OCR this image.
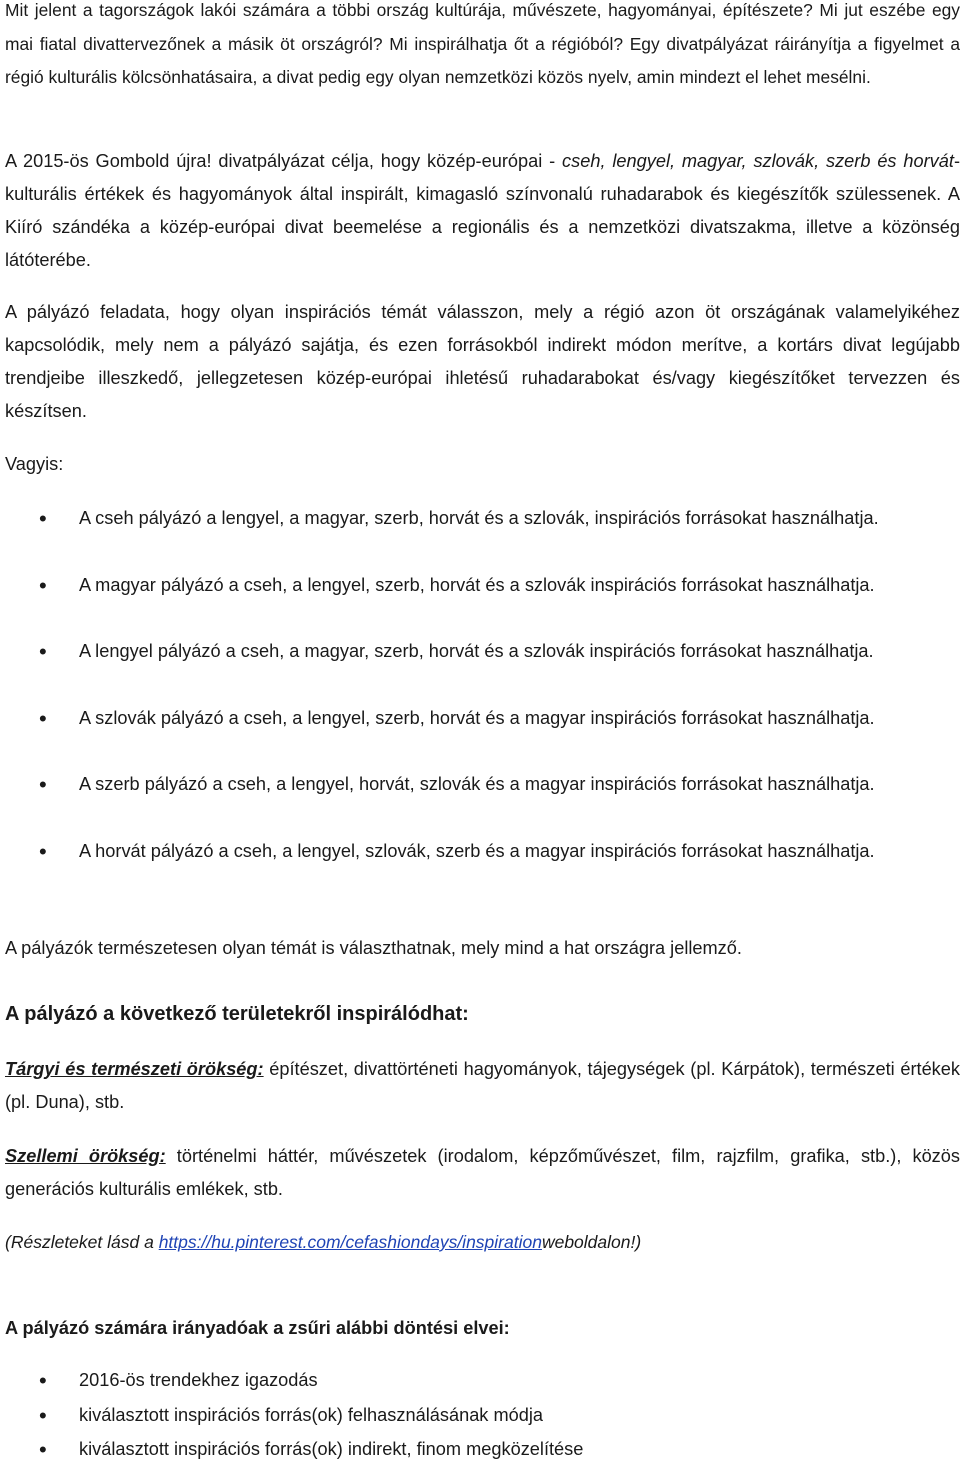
Mit jelent a tagországok lakói számára a többi ország kultúrája, művészete, hagyományai, építészete? Mi jut eszébe egy mai fiatal divattervezőnek a másik öt országról? Mi inspirálhatja őt a régióból? Egy divatpályázat ráirányítja a figyelmet a régió kulturális kölcsönhatásaira, a divat pedig egy olyan nemzetközi közös nyelv, amin mindezt el lehet mesélni.

A 2015-ös Gombold újra! divatpályázat célja, hogy közép-európai - cseh, lengyel, magyar, szlovák, szerb és horvát- kulturális értékek és hagyományok által inspirált, kimagasló színvonalú ruhadarabok és kiegészítők szülessenek. A Kiíró szándéka a közép-európai divat beemelése a regionális és a nemzetközi divatszakma, illetve a közönség látóterébe.

A pályázó feladata, hogy olyan inspirációs témát válasszon, mely a régió azon öt országának valamelyikéhez kapcsolódik, mely nem a pályázó sajátja, és ezen forrásokból indirekt módon merítve, a kortárs divat legújabb trendjeibe illeszkedő, jellegzetesen közép-európai ihletésű ruhadarabokat és/vagy kiegészítőket tervezzen és készítsen.

Vagyis:

• A cseh pályázó a lengyel, a magyar, szerb, horvát és a szlovák, inspirációs forrásokat használhatja.
• A magyar pályázó a cseh, a lengyel, szerb, horvát és a szlovák inspirációs forrásokat használhatja.
• A lengyel pályázó a cseh, a magyar, szerb, horvát és a szlovák inspirációs forrásokat használhatja.
• A szlovák pályázó a cseh, a lengyel, szerb, horvát és a magyar inspirációs forrásokat használhatja.
• A szerb pályázó a cseh, a lengyel, horvát, szlovák és a magyar inspirációs forrásokat használhatja.
• A horvát pályázó a cseh, a lengyel, szlovák, szerb és a magyar inspirációs forrásokat használhatja.

A pályázók természetesen olyan témát is választhatnak, mely mind a hat országra jellemző.

A pályázó a következő területekről inspirálódhat:

Tárgyi és természeti örökség: építészet, divattörténeti hagyományok, tájegységek (pl. Kárpátok), természeti értékek (pl. Duna), stb.

Szellemi örökség: történelmi háttér, művészetek (irodalom, képzőművészet, film, rajzfilm, grafika, stb.), közös generációs kulturális emlékek, stb.

(Részleteket lásd a https://hu.pinterest.com/cefashiondays/inspirationweboldalon!)

A pályázó számára irányadóak a zsűri alábbi döntési elvei:

• 2016-ös trendekhez igazodás
• kiválasztott inspirációs forrás(ok) felhasználásának módja
• kiválasztott inspirációs forrás(ok) indirekt, finom megközelítése
